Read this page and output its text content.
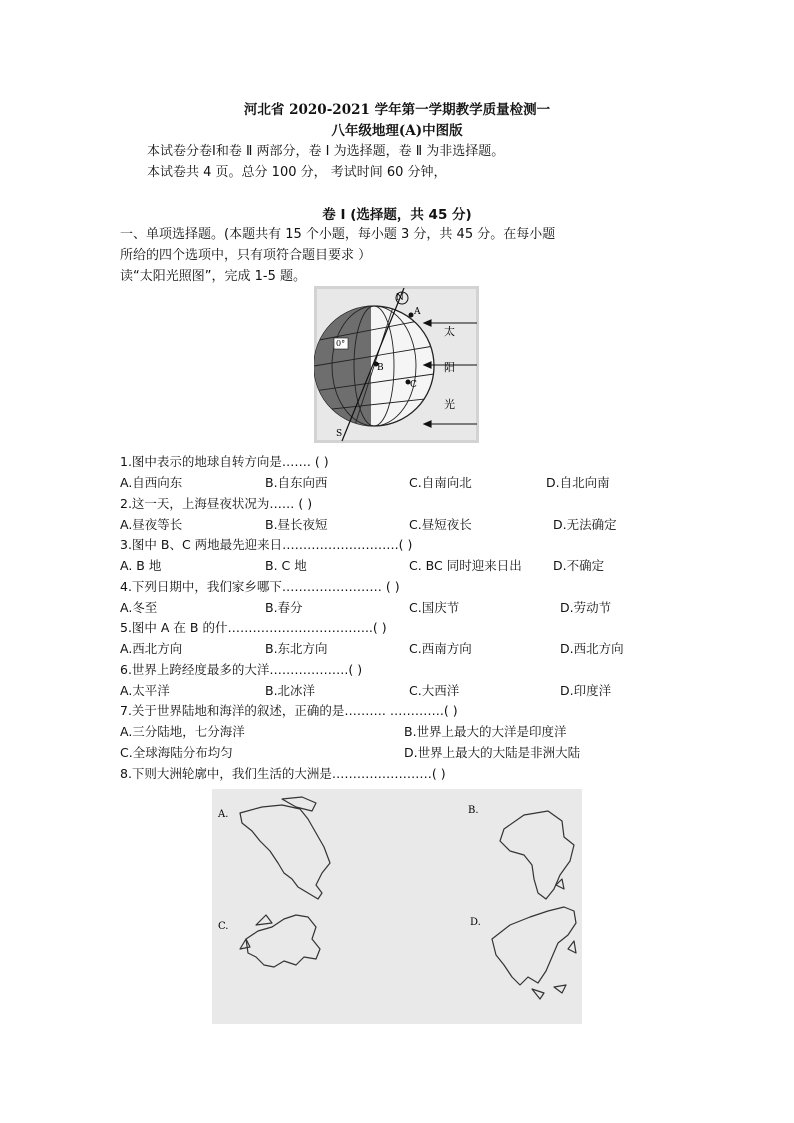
河北省 2020-2021 学年第一学期教学质量检测一
八年级地理(A)中图版
本试卷分卷Ⅰ和卷 Ⅱ 两部分，卷 Ⅰ 为选择题，卷 Ⅱ 为非选择题。
本试卷共 4 页。总分 100 分， 考试时间 60 分钟，
卷 Ⅰ (选择题，共 45 分)
一、单项选择题。(本题共有 15 个小题，每小题 3 分，共 45 分。在每小题
所给的四个选项中，只有项符合题目要求 ）
读“太阳光照图”，完成 1-5 题。
N
S
A
B
C
0°
太
阳
光
1.图中表示的地球自转方向是……. ( )
A.自西向东	B.自东向西	C.自南向北	D.自北向南
2.这一天，上海昼夜状况为…… ( )
A.昼夜等长	B.昼长夜短	C.昼短夜长	D.无法确定
3.图中 B、C 两地最先迎来日……………………….( )
A. B 地	B. C 地	C. BC 同时迎来日出	D.不确定
4.下列日期中，我们家乡哪下…………………… ( )
A.冬至	B.春分	C.国庆节	D.劳动节
5.图中 A 在 B 的什……………………………..( )
A.西北方向	B.东北方向	C.西南方向	D.西北方向
6.世界上跨经度最多的大洋……………….( )
A.太平洋	B.北冰洋	C.大西洋	D.印度洋
7.关于世界陆地和海洋的叙述，正确的是………. ………….( )
A.三分陆地，七分海洋	B.世界上最大的大洋是印度洋
C.全球海陆分布均匀	D.世界上最大的大陆是非洲大陆
8.下则大洲轮廓中，我们生活的大洲是……………………( )
A.	B.
C.	D.
